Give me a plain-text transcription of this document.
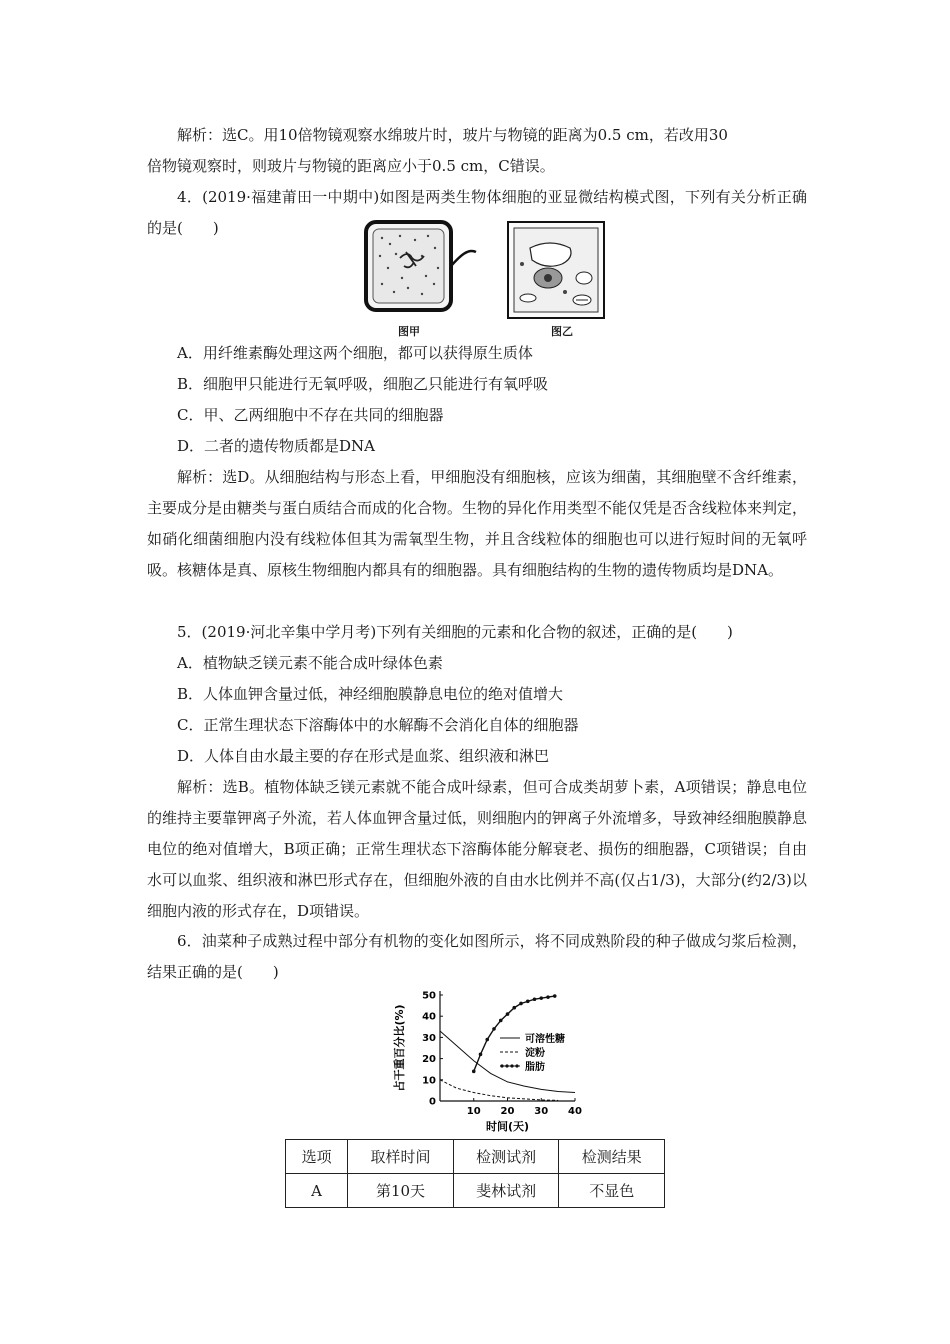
解析：选C。用10倍物镜观察水绵玻片时，玻片与物镜的距离为0.5 cm，若改用30

倍物镜观察时，则玻片与物镜的距离应小于0.5 cm，C错误。

4．(2019·福建莆田一中期中)如图是两类生物体细胞的亚显微结构模式图，下列有关分析正确的是(　　)

图甲	图乙

A．用纤维素酶处理这两个细胞，都可以获得原生质体

B．细胞甲只能进行无氧呼吸，细胞乙只能进行有氧呼吸

C．甲、乙两细胞中不存在共同的细胞器

D．二者的遗传物质都是DNA

解析：选D。从细胞结构与形态上看，甲细胞没有细胞核，应该为细菌，其细胞壁不含纤维素，主要成分是由糖类与蛋白质结合而成的化合物。生物的异化作用类型不能仅凭是否含线粒体来判定，如硝化细菌细胞内没有线粒体但其为需氧型生物，并且含线粒体的细胞也可以进行短时间的无氧呼吸。核糖体是真、原核生物细胞内都具有的细胞器。具有细胞结构的生物的遗传物质均是DNA。

5．(2019·河北辛集中学月考)下列有关细胞的元素和化合物的叙述，正确的是(　　)

A．植物缺乏镁元素不能合成叶绿体色素

B．人体血钾含量过低，神经细胞膜静息电位的绝对值增大

C．正常生理状态下溶酶体中的水解酶不会消化自体的细胞器

D．人体自由水最主要的存在形式是血浆、组织液和淋巴

解析：选B。植物体缺乏镁元素就不能合成叶绿素，但可合成类胡萝卜素，A项错误；静息电位的维持主要靠钾离子外流，若人体血钾含量过低，则细胞内的钾离子外流增多，导致神经细胞膜静息电位的绝对值增大，B项正确；正常生理状态下溶酶体能分解衰老、损伤的细胞器，C项错误；自由水可以血浆、组织液和淋巴形式存在，但细胞外液的自由水比例并不高(仅占1/3)，大部分(约2/3)以细胞内液的形式存在，D项错误。

6．油菜种子成熟过程中部分有机物的变化如图所示，将不同成熟阶段的种子做成匀浆后检测，结果正确的是(　　)

10 20 30 40
0
10
20
30
40
50
时间(天)
占干重百分比(%)	可溶性糖
淀粉
脂肪
选项	取样时间	检测试剂	检测结果
A	第10天	斐林试剂	不显色
